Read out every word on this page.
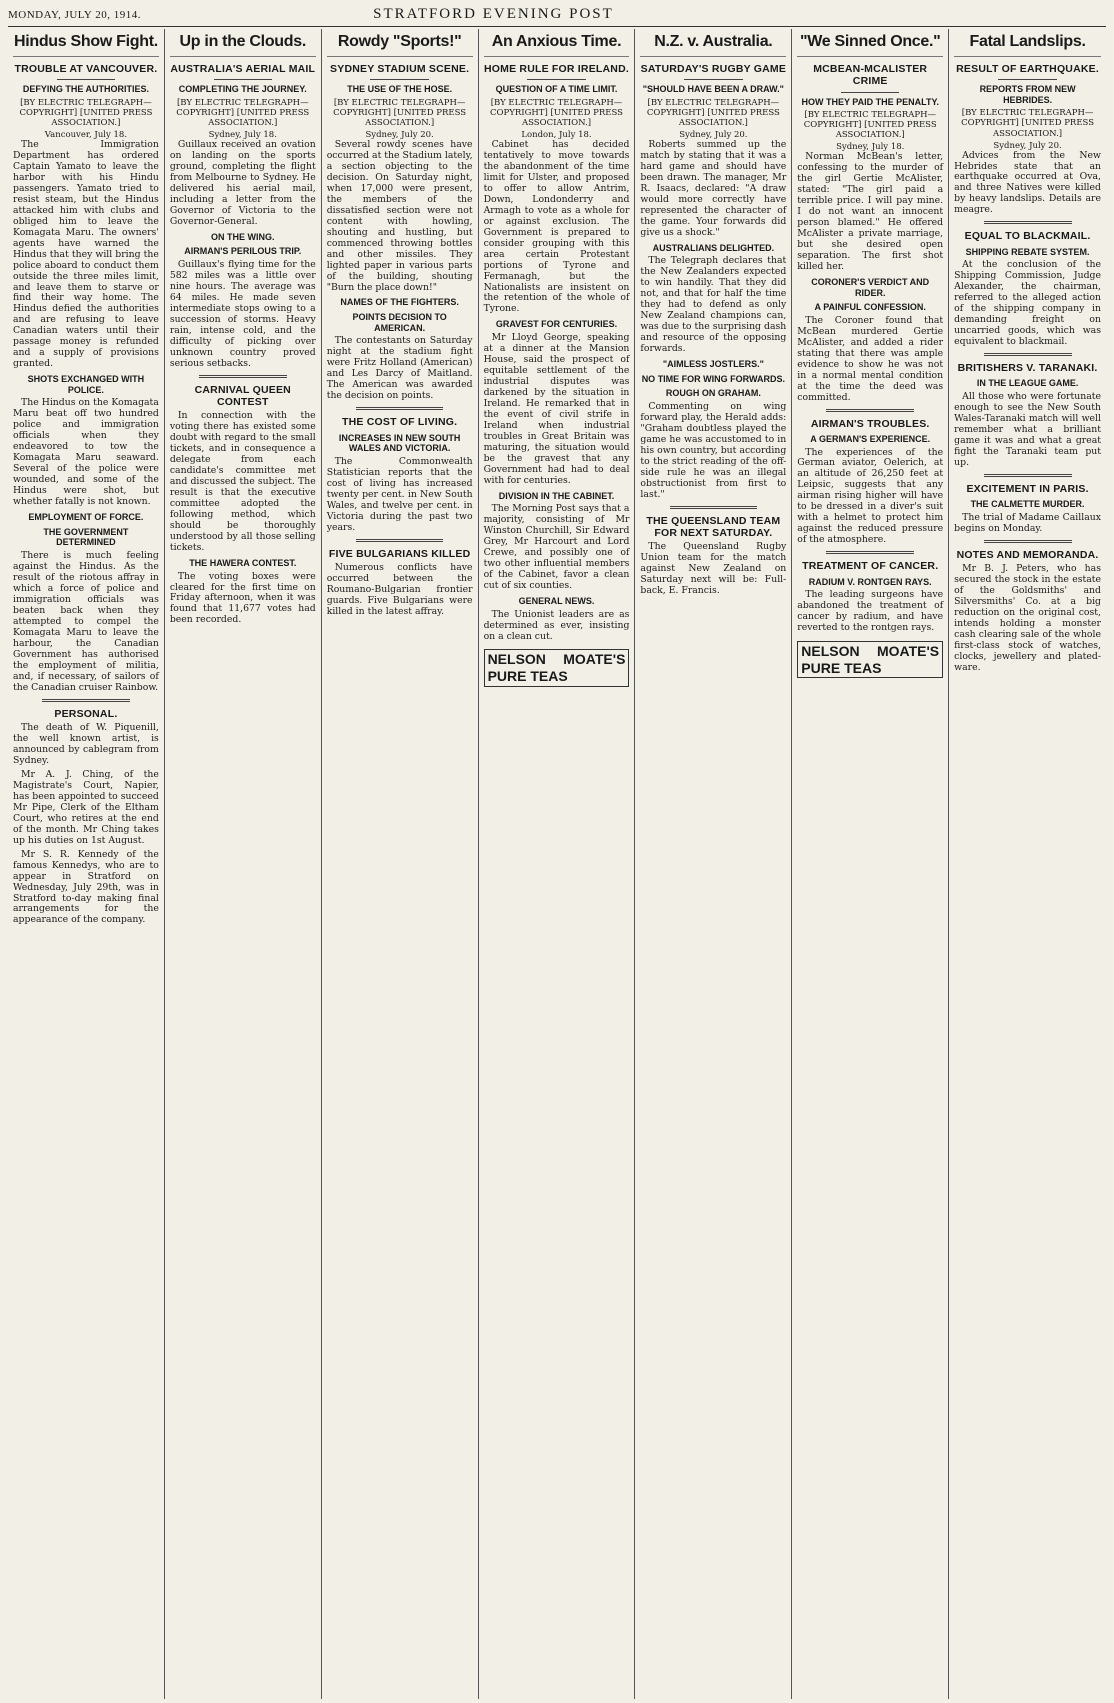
MONDAY, JULY 20, 1914.	STRATFORD EVENING POST
Hindus Show Fight.
TROUBLE AT VANCOUVER.
DEFYING THE AUTHORITIES.
[BY ELECTRIC TELEGRAPH—COPYRIGHT] [UNITED PRESS ASSOCIATION.]
Vancouver, July 18.

The Immigration Department has ordered Captain Yamato to leave the harbor with his Hindu passengers. Yamato tried to resist steam, but the Hindus attacked him with clubs and obliged him to leave the Komagata Maru. The owners' agents have warned the Hindus that they will bring the police aboard to conduct them outside the three miles limit, and leave them to starve or find their way home. The Hindus defied the authorities and are refusing to leave Canadian waters until their passage money is refunded and a supply of provisions granted.

SHOTS EXCHANGED WITH POLICE.

The Hindus on the Komagata Maru beat off two hundred police and immigration officials when they endeavored to tow the Komagata Maru seaward. Several of the police were wounded, and some of the Hindus were shot, but whether fatally is not known.

EMPLOYMENT OF FORCE.
THE GOVERNMENT DETERMINED

There is much feeling against the Hindus. As the result of the riotous affray in which a force of police and immigration officials was beaten back when they attempted to compel the Komagata Maru to leave the harbour, the Canadian Government has authorised the employment of militia, and, if necessary, of sailors of the Canadian cruiser Rainbow.

PERSONAL.

The death of W. Piquenill, the well known artist, is announced by cablegram from Sydney.

Mr A. J. Ching, of the Magistrate's Court, Napier, has been appointed to succeed Mr Pipe, Clerk of the Eltham Court, who retires at the end of the month. Mr Ching takes up his duties on 1st August.

Mr S. R. Kennedy of the famous Kennedys, who are to appear in Stratford on Wednesday, July 29th, was in Stratford to-day making final arrangements for the appearance of the company.

Up in the Clouds.
AUSTRALIA'S AERIAL MAIL
COMPLETING THE JOURNEY.
[BY ELECTRIC TELEGRAPH—COPYRIGHT] [UNITED PRESS ASSOCIATION.]
Sydney, July 18.

Guillaux received an ovation on landing on the sports ground, completing the flight from Melbourne to Sydney. He delivered his aerial mail, including a letter from the Governor of Victoria to the Governor-General.

ON THE WING.
AIRMAN'S PERILOUS TRIP.

Guillaux's flying time for the 582 miles was a little over nine hours. The average was 64 miles. He made seven intermediate stops owing to a succession of storms. Heavy rain, intense cold, and the difficulty of picking over unknown country proved serious setbacks.

CARNIVAL QUEEN CONTEST

In connection with the voting there has existed some doubt with regard to the small tickets, and in consequence a delegate from each candidate's committee met and discussed the subject. The result is that the executive committee adopted the following method, which should be thoroughly understood by all those selling tickets.

THE HAWERA CONTEST.

The voting boxes were cleared for the first time on Friday afternoon, when it was found that 11,677 votes had been recorded.

Rowdy "Sports!"
SYDNEY STADIUM SCENE.
THE USE OF THE HOSE.
[BY ELECTRIC TELEGRAPH—COPYRIGHT] [UNITED PRESS ASSOCIATION.]
Sydney, July 20.

Several rowdy scenes have occurred at the Stadium lately, a section objecting to the decision. On Saturday night, when 17,000 were present, the members of the dissatisfied section were not content with howling, shouting and hustling, but commenced throwing bottles and other missiles. They lighted paper in various parts of the building, shouting "Burn the place down!"

NAMES OF THE FIGHTERS.
POINTS DECISION TO AMERICAN.

The contestants on Saturday night at the stadium fight were Fritz Holland (American) and Les Darcy of Maitland. The American was awarded the decision on points.

THE COST OF LIVING.
INCREASES IN NEW SOUTH WALES AND VICTORIA.

The Commonwealth Statistician reports that the cost of living has increased twenty per cent. in New South Wales, and twelve per cent. in Victoria during the past two years.

FIVE BULGARIANS KILLED

Numerous conflicts have occurred between the Roumano-Bulgarian frontier guards. Five Bulgarians were killed in the latest affray.

An Anxious Time.
HOME RULE FOR IRELAND.
QUESTION OF A TIME LIMIT.
[BY ELECTRIC TELEGRAPH—COPYRIGHT] [UNITED PRESS ASSOCIATION.]
London, July 18.

Cabinet has decided tentatively to move towards the abandonment of the time limit for Ulster, and proposed to offer to allow Antrim, Down, Londonderry and Armagh to vote as a whole for or against exclusion. The Government is prepared to consider grouping with this area certain Protestant portions of Tyrone and Fermanagh, but the Nationalists are insistent on the retention of the whole of Tyrone.

GRAVEST FOR CENTURIES.

Mr Lloyd George, speaking at a dinner at the Mansion House, said the prospect of equitable settlement of the industrial disputes was darkened by the situation in Ireland. He remarked that in the event of civil strife in Ireland when industrial troubles in Great Britain was maturing, the situation would be the gravest that any Government had had to deal with for centuries.

DIVISION IN THE CABINET.

The Morning Post says that a majority, consisting of Mr Winston Churchill, Sir Edward Grey, Mr Harcourt and Lord Crewe, and possibly one of two other influential members of the Cabinet, favor a clean cut of six counties.

GENERAL NEWS.

The Unionist leaders are as determined as ever, insisting on a clean cut.

NELSON MOATE'S PURE TEAS
N.Z. v. Australia.
SATURDAY'S RUGBY GAME
"SHOULD HAVE BEEN A DRAW."
[BY ELECTRIC TELEGRAPH—COPYRIGHT] [UNITED PRESS ASSOCIATION.]
Sydney, July 20.

Roberts summed up the match by stating that it was a hard game and should have been drawn. The manager, Mr R. Isaacs, declared: "A draw would more correctly have represented the character of the game. Your forwards did give us a shock."

AUSTRALIANS DELIGHTED.

The Telegraph declares that the New Zealanders expected to win handily. That they did not, and that for half the time they had to defend as only New Zealand champions can, was due to the surprising dash and resource of the opposing forwards.

"AIMLESS JOSTLERS."
NO TIME FOR WING FORWARDS.
ROUGH ON GRAHAM.

Commenting on wing forward play, the Herald adds: "Graham doubtless played the game he was accustomed to in his own country, but according to the strict reading of the off-side rule he was an illegal obstructionist from first to last."

THE QUEENSLAND TEAM FOR NEXT SATURDAY.

The Queensland Rugby Union team for the match against New Zealand on Saturday next will be: Full-back, E. Francis.

"We Sinned Once."
MCBEAN-MCALISTER CRIME
HOW THEY PAID THE PENALTY.
[BY ELECTRIC TELEGRAPH—COPYRIGHT] [UNITED PRESS ASSOCIATION.]
Sydney, July 18.

Norman McBean's letter, confessing to the murder of the girl Gertie McAlister, stated: "The girl paid a terrible price. I will pay mine. I do not want an innocent person blamed." He offered McAlister a private marriage, but she desired open separation. The first shot killed her.

CORONER'S VERDICT AND RIDER.
A PAINFUL CONFESSION.

The Coroner found that McBean murdered Gertie McAlister, and added a rider stating that there was ample evidence to show he was not in a normal mental condition at the time the deed was committed.

AIRMAN'S TROUBLES.
A GERMAN'S EXPERIENCE.

The experiences of the German aviator, Oelerich, at an altitude of 26,250 feet at Leipsic, suggests that any airman rising higher will have to be dressed in a diver's suit with a helmet to protect him against the reduced pressure of the atmosphere.

TREATMENT OF CANCER.
RADIUM V. RONTGEN RAYS.

The leading surgeons have abandoned the treatment of cancer by radium, and have reverted to the rontgen rays.

NELSON MOATE'S PURE TEAS
Fatal Landslips.
RESULT OF EARTHQUAKE.
REPORTS FROM NEW HEBRIDES.
[BY ELECTRIC TELEGRAPH—COPYRIGHT] [UNITED PRESS ASSOCIATION.]
Sydney, July 20.

Advices from the New Hebrides state that an earthquake occurred at Ova, and three Natives were killed by heavy landslips. Details are meagre.

EQUAL TO BLACKMAIL.
SHIPPING REBATE SYSTEM.

At the conclusion of the Shipping Commission, Judge Alexander, the chairman, referred to the alleged action of the shipping company in demanding freight on uncarried goods, which was equivalent to blackmail.

BRITISHERS V. TARANAKI.
IN THE LEAGUE GAME.

All those who were fortunate enough to see the New South Wales-Taranaki match will well remember what a brilliant game it was and what a great fight the Taranaki team put up.

EXCITEMENT IN PARIS.
THE CALMETTE MURDER.

The trial of Madame Caillaux begins on Monday.

NOTES AND MEMORANDA.

Mr B. J. Peters, who has secured the stock in the estate of the Goldsmiths' and Silversmiths' Co. at a big reduction on the original cost, intends holding a monster cash clearing sale of the whole first-class stock of watches, clocks, jewellery and plated-ware.
